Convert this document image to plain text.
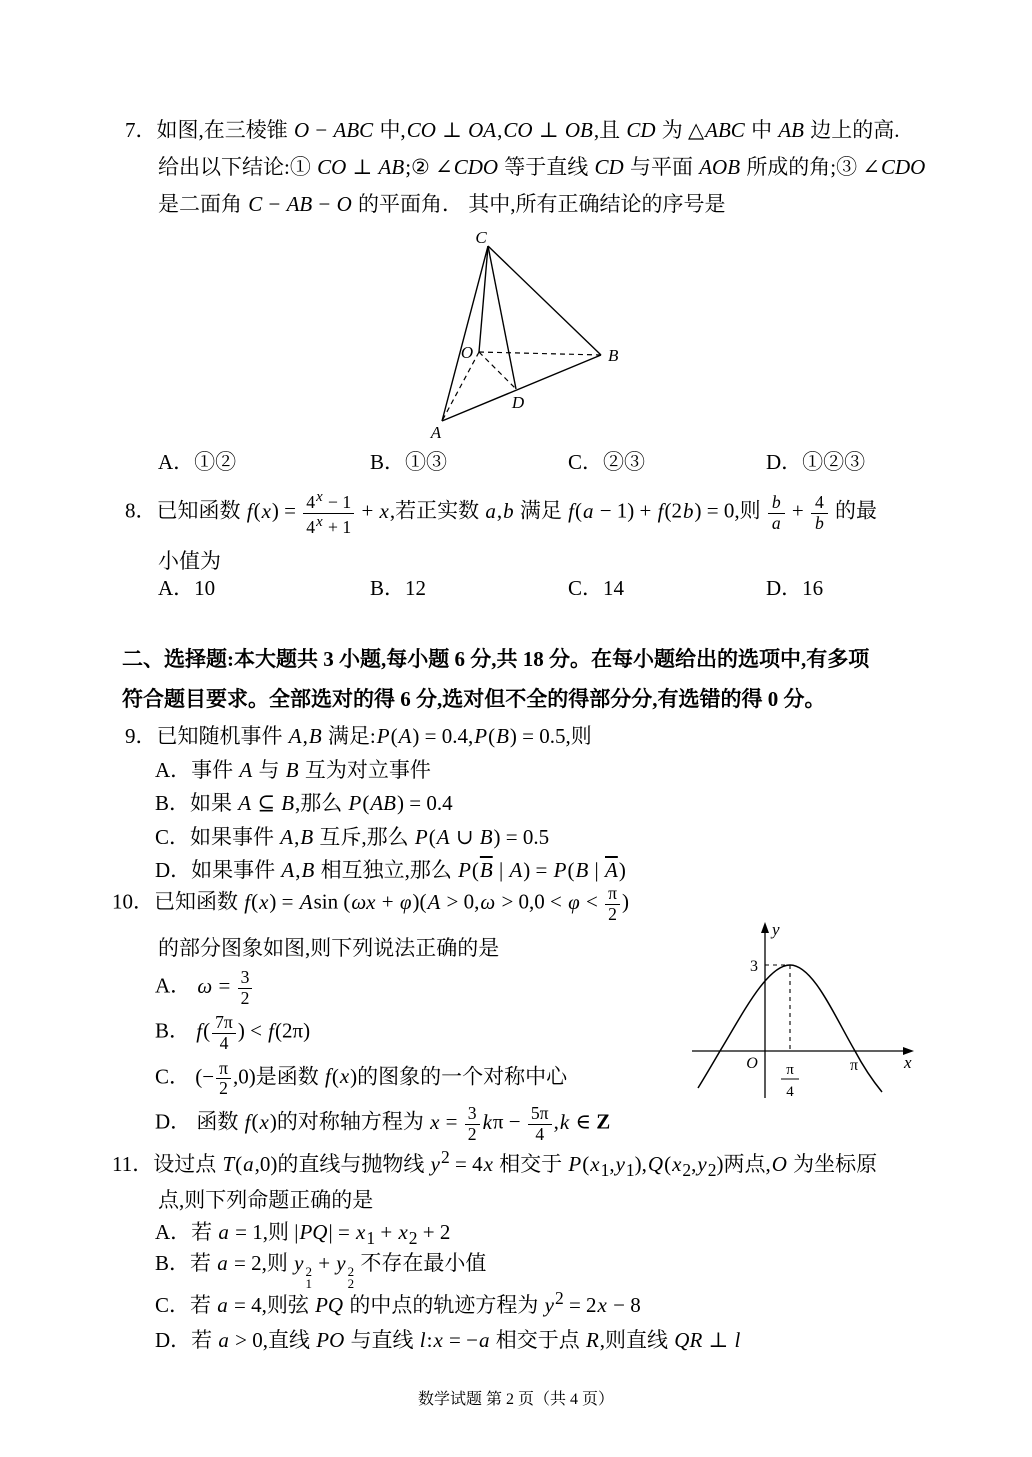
7．如图,在三棱锥 O − ABC 中,CO ⊥ OA,CO ⊥ OB,且 CD 为 △ABC 中 AB 边上的高.
给出以下结论:① CO ⊥ AB;② ∠CDO 等于直线 CD 与平面 AOB 所成的角;③ ∠CDO
是二面角 C − AB − O 的平面角． 其中,所有正确结论的序号是
C
O	B
D
A
A．①②	B．①③	C．②③	D．①②③
8．已知函数 $f(x) = \frac{4^x - 1}{4^x + 1} + x$,若正实数 a,b 满足 f(a − 1) + f(2b) = 0,则 $\frac{b}{a} + \frac{4}{b}$ 的最
小值为
A．10	B．12	C．14	D．16
二、选择题:本大题共 3 小题,每小题 6 分,共 18 分。在每小题给出的选项中,有多项
符合题目要求。全部选对的得 6 分,选对但不全的得部分分,有选错的得 0 分。
9．已知随机事件 A,B 满足:P(A) = 0.4,P(B) = 0.5,则
A．事件 A 与 B 互为对立事件
B．如果 A ⊆ B,那么 P(AB) = 0.4
C．如果事件 A,B 互斥,那么 P(A ∪ B) = 0.5
D．如果事件 A,B 相互独立,那么 $P(\overline{B}$ | A) = P(B | $\overline{A}$)
10．已知函数 f(x) = Asin $(\omega x + \varphi)(A > 0,\omega > 0,0 < \varphi < \frac{\pi}{2}$ )
的部分图象如图,则下列说法正确的是
A． $\omega = \frac{3}{2}$
B． $f( \frac{7\pi}{4}$ ) < f(2π)
C． (− $\frac{\pi}{2} ,0$)是函数 f(x)的图象的一个对称中心
D． 函数 f(x)的对称轴方程为 $x = \frac{3}{2}$ $k\pi - \frac{5\pi}{4} ,k$ ∈ Z
y
3
O π
4
π	x
11．设过点 T(a,0)的直线与抛物线 $y^2 = 4x$ 相交于 $P(x_1,y_1),Q(x_2,y_2)$两点,O 为坐标原
点,则下列命题正确的是
A．若 a = 1,则 $|PQ| = x_1 + x_2 + 2$
B．若 a = 2,则 y 2
1
+ y 2
2
不存在最小值
C．若 a = 4,则弦 PQ 的中点的轨迹方程为 $y^2 = 2x - 8$
D．若 a > 0,直线 PO 与直线 l:x = −a 相交于点 R,则直线 QR ⊥ l
数学试题 第 2 页（共 4 页）
